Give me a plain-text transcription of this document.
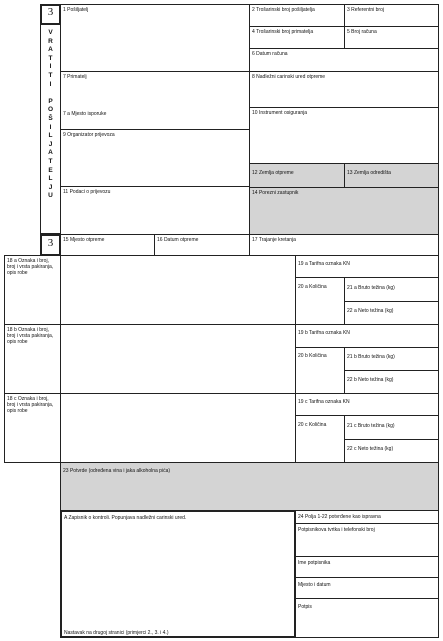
3
V
R
A
T
I
T
I

P
O
Š
I
L
J
A
T
E
L
J
U
3
1 Pošiljatelj	2 Trošarinski broj pošiljatelja	3 Referentni broj
4 Trošarinski broj primatelja	5 Broj računa
6 Datum računa
7 Primatelj
7 a Mjesto isporuke
8 Nadležni carinski ured otpreme
9 Organizator prijevoza
10 Instrument osiguranja
12 Zemlja otpreme	13 Zemlja odredišta
11 Podaci o prijevozu	14 Porezni zastupnik
15 Mjesto otpreme	16 Datum otpreme	17 Trajanje kretanja
18 a Oznaka i broj, broj i vrsta pakiranja, opis robe
19 a Tarifna oznaka KN
20 a Količina	21 a Bruto težina (kg)
22 a Neto težina (kg)
18 b Oznaka i broj, broj i vrsta pakiranja, opis robe
19 b Tarifna oznaka KN
20 b Količina	21 b Bruto težina (kg)
22 b Neto težina (kg)
18 c Oznaka i broj, broj i vrsta pakiranja, opis robe
19 c Tarifna oznaka KN
20 c Količina	21 c Bruto težina (kg)
22 c Neto težina (kg)
23 Potvrde (određena vina i jaka alkoholna pića)
A Zapisnik o kontroli. Popunjava nadležni carinski ured.
Nastavak na drugoj stranici (primjerci 2., 3. i 4.)
24 Polja 1-22 potvrđene kao ispravna
Potpisnikova tvrtka i telefonski broj
Ime potpisnika
Mjesto i datum
Potpis
